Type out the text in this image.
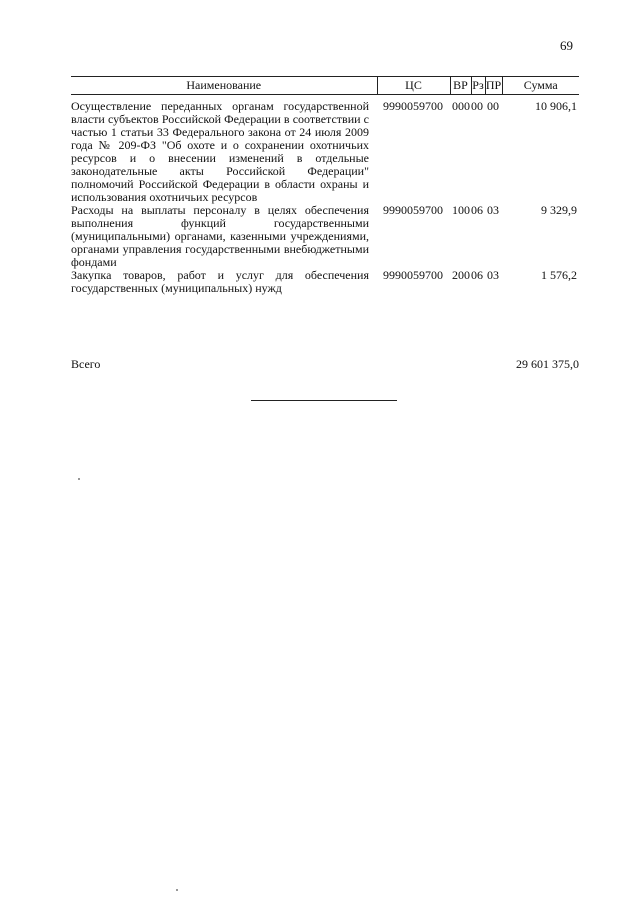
69
Наименование	ЦС	ВР	Рз	ПР	Сумма
Осуществление переданных органам государственной власти субъектов Российской Федерации в соответствии с частью 1 статьи 33 Федерального закона от 24 июля 2009 года № 209-ФЗ "Об охоте и о сохранении охотничьих ресурсов и о внесении изменений в отдельные законодательные акты Российской Федерации" полномочий Российской Федерации в области охраны и использования охотничьих ресурсов	9990059700	000	00	00	10 906,1
Расходы на выплаты персоналу в целях обеспечения выполнения функций государственными (муниципальными) органами, казенными учреждениями, органами управления государственными внебюджетными фондами	9990059700	100	06	03	9 329,9
Закупка товаров, работ и услуг для обеспечения государственных (муниципальных) нужд	9990059700	200	06	03	1 576,2
Всего	29 601 375,0
